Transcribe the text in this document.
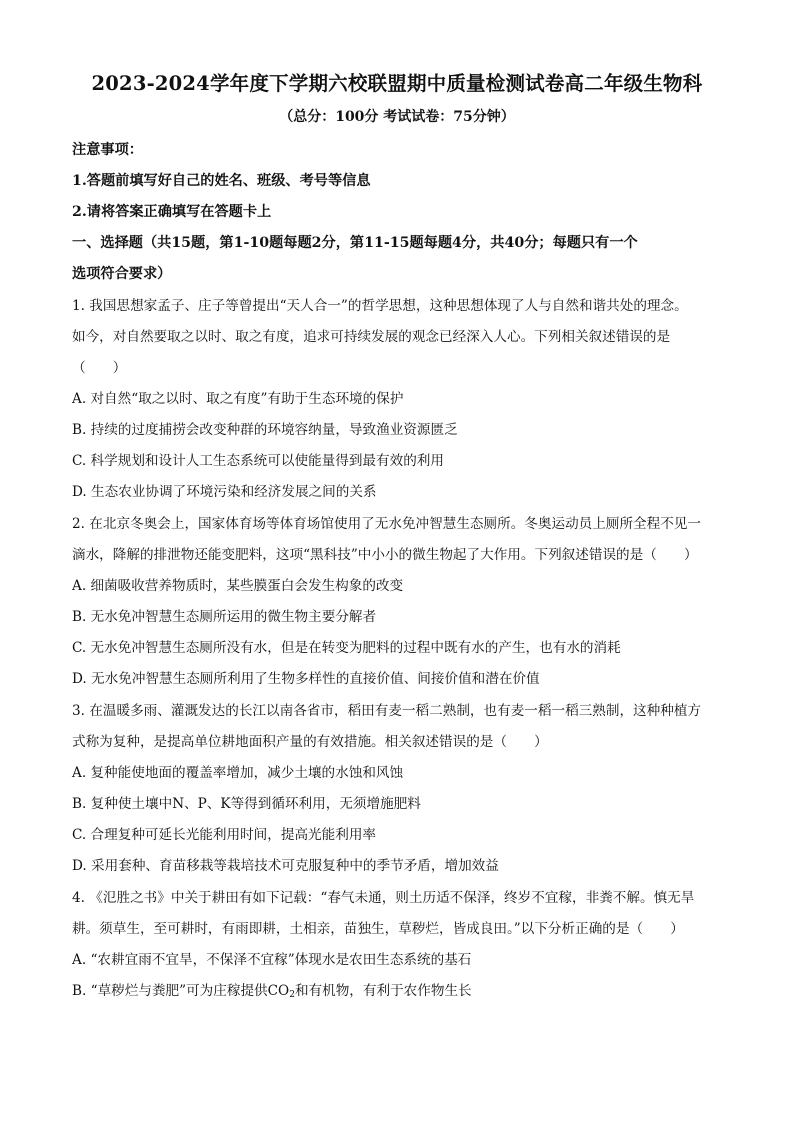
2023-2024学年度下学期六校联盟期中质量检测试卷高二年级生物科
（总分：100分 考试试卷：75分钟）
注意事项：
1.答题前填写好自己的姓名、班级、考号等信息
2.请将答案正确填写在答题卡上
一、选择题（共15题，第1-10题每题2分，第11-15题每题4分，共40分；每题只有一个
选项符合要求）
1. 我国思想家孟子、庄子等曾提出“天人合一”的哲学思想，这种思想体现了人与自然和谐共处的理念。
如今，对自然要取之以时、取之有度，追求可持续发展的观念已经深入人心。下列相关叙述错误的是
（　　）
A. 对自然“取之以时、取之有度”有助于生态环境的保护
B. 持续的过度捕捞会改变种群的环境容纳量，导致渔业资源匮乏
C. 科学规划和设计人工生态系统可以使能量得到最有效的利用
D. 生态农业协调了环境污染和经济发展之间的关系
2. 在北京冬奥会上，国家体育场等体育场馆使用了无水免冲智慧生态厕所。冬奥运动员上厕所全程不见一
滴水，降解的排泄物还能变肥料，这项“黑科技”中小小的微生物起了大作用。下列叙述错误的是（　　）
A. 细菌吸收营养物质时，某些膜蛋白会发生构象的改变
B. 无水免冲智慧生态厕所运用的微生物主要分解者
C. 无水免冲智慧生态厕所没有水，但是在转变为肥料的过程中既有水的产生，也有水的消耗
D. 无水免冲智慧生态厕所利用了生物多样性的直接价值、间接价值和潜在价值
3. 在温暖多雨、灌溉发达的长江以南各省市，稻田有麦一稻二熟制，也有麦一稻一稻三熟制，这种种植方
式称为复种，是提高单位耕地面积产量的有效措施。相关叙述错误的是（　　）
A. 复种能使地面的覆盖率增加，减少土壤的水蚀和风蚀
B. 复种使土壤中N、P、K等得到循环利用，无须增施肥料
C. 合理复种可延长光能利用时间，提高光能利用率
D. 采用套种、育苗移栽等栽培技术可克服复种中的季节矛盾，增加效益
4. 《氾胜之书》中关于耕田有如下记载：“春气未通，则土历适不保泽，终岁不宜稼，非粪不解。慎无旱
耕。须草生，至可耕时，有雨即耕，土相亲，苗独生，草秽烂，皆成良田。”以下分析正确的是（　　）
A. “农耕宜雨不宜旱，不保泽不宜稼”体现水是农田生态系统的基石
B. “草秽烂与粪肥”可为庄稼提供$CO_2$和有机物，有利于农作物生长
